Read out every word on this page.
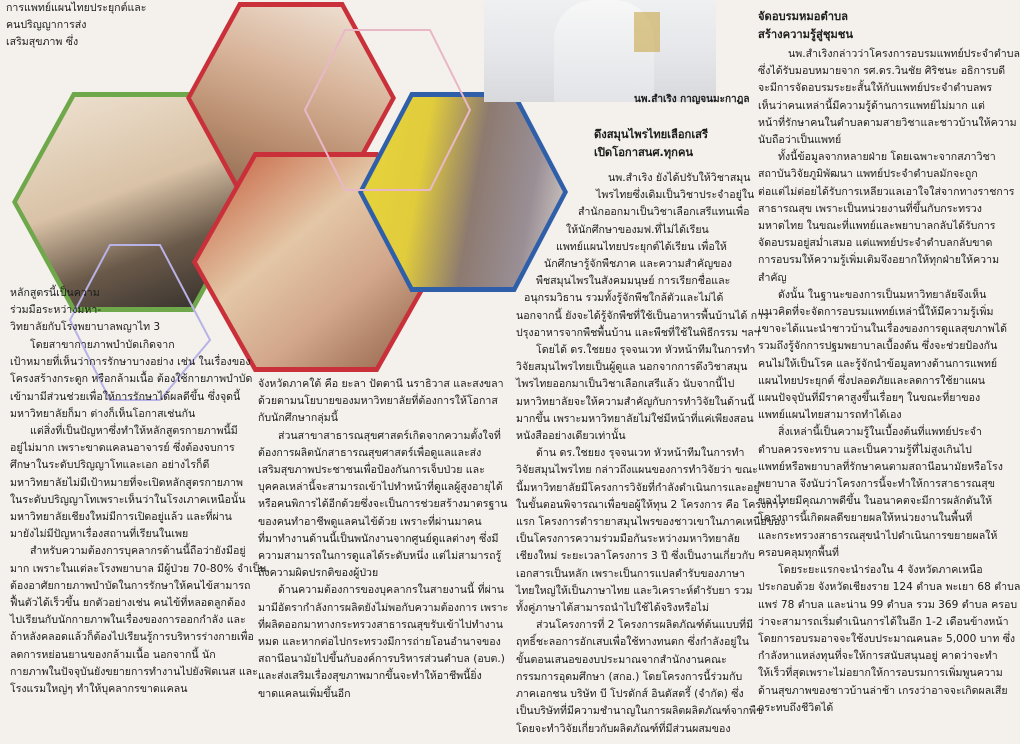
การแพทย์แผนไทยประยุกต์และ

คนปริญญาการส่ง

เสริมสุขภาพ ซึ่ง

นพ.สำเริง กาญจนมะกาฎล

หลักสูตรนี้เป็นความ

ร่วมมือระหว่างมหา-

วิทยาลัยกับโรงพยาบาลพญาไท 3

โดยสาขากายภาพบำบัดเกิดจาก

เป้าหมายที่เห็นว่าการรักษาบางอย่าง เช่น ในเรื่องของ

โครงสร้างกระดูก หรือกล้ามเนื้อ ต้องใช้กายภาพบำบัด

เข้ามามีส่วนช่วยเพื่อให้การรักษาได้ผลดีขึ้น ซึ่งจุดนี้

มหาวิทยาลัยก็มา ต่างก็เห็นโอกาสเช่นกัน

แต่สิ่งที่เป็นปัญหาซึ่งทำให้หลักสูตรกายภาพนี้มี

อยู่ไม่มาก เพราะขาดแคลนอาจารย์ ซึ่งต้องจบการ

ศึกษาในระดับปริญญาโทและเอก อย่างไรก็ดี

มหาวิทยาลัยไม่มีเป้าหมายที่จะเปิดหลักสูตรกายภาพ

ในระดับปริญญาโทเพราะเห็นว่าในโรงเภาคเหนือนั้น

มหาวิทยาลัยเชียงใหม่มีการเปิดอยู่แล้ว และที่ผ่าน

มายังไม่มีปัญหาเรื่องสถานที่เรียนในเพย

สำหรับความต้องการบุคลากรด้านนี้ถือว่ายังมีอยู่

มาก เพราะในแต่ละโรงพยาบาล มีผู้ป่วย 70-80% จำเป็น

ต้องอาศัยกายภาพบำบัดในการรักษาให้คนไข้สามารถ

ฟื้นตัวได้เร็วขึ้น ยกตัวอย่างเช่น คนไข้ที่หลอดลูกต้อง

ไปเรียนกับนักกายภาพในเรื่องของการออกกำลัง และ

ถ้าหลังคลอดแล้วก็ต้องไปเรียนรู้การบริหารร่างกายเพื่อ

ลดการหย่อนยานของกล้ามเนื้อ นอกจากนี้ นัก

กายภาพในปัจจุบันยังขยายการทำงานไปยังฟิตเนส และ

โรงแรมใหญ่ๆ ทำให้บุคลากรขาดแคลน

จังหวัดภาคใต้ คือ ยะลา ปัตตานี นราธิวาส และสงขลา

ด้วยตามนโยบายของมหาวิทยาลัยที่ต้องการให้โอกาส

กับนักศึกษากลุ่มนี้

ส่วนสาขาสาธารณสุขศาสตร์เกิดจากความตั้งใจที่

ต้องการผลิตนักสาธารณสุขศาสตร์เพื่อดูแลและส่ง

เสริมสุขภาพประชาชนเพื่อป้องกันการเจ็บป่วย และ

บุคคลเหล่านี้จะสามารถเข้าไปทำหน้าที่ดูแลผู้สูงอายุได้

หรือคนพิการได้อีกด้วยซึ่งจะเป็นการช่วยสร้างมาตรฐาน

ของคนทำอาชีพดูแลคนไข้ด้วย เพราะที่ผ่านมาคน

ที่มาทำงานด้านนี้เป็นพนักงานจากศูนย์ดูแลต่างๆ ซึ่งมี

ความสามารถในการดูแลได้ระดับหนึ่ง แต่ไม่สามารถรู้

ถึงความผิดปรกติของผู้ป่วย

ด้านความต้องการของบุคลากรในสายงานนี้ ที่ผ่าน

มามีอัตรากำลังการผลิตยังไม่พอกับความต้องการ เพราะ

ที่ผลิตออกมาทางกระทรวงสาธารณสุขรับเข้าไปทำงาน

หมด และหากต่อไปกระทรวงมีการถ่ายโอนอำนาจของ

สถานีอนามัยไปขึ้นกับองค์การบริหารส่วนตำบล (อบต.)

และส่งเสริมเรื่องสุขภาพมากขึ้นจะทำให้อาชีพนี้ยิ่ง

ขาดแคลนเพิ่มขึ้นอีก

ดึงสมุนไพรไทยเลือกเสรี

เปิดโอกาสนศ.ทุกคน

นพ.สำเริง ยังได้ปรับให้วิชาสมุน

ไพรไทยซึ่งเดิมเป็นวิชาประจำอยู่ใน

สำนักออกมาเป็นวิชาเลือกเสรีแทนเพื่อ

ให้นักศึกษาของมฟ.ที่ไม่ได้เรียน

แพทย์แผนไทยประยุกต์ได้เรียน เพื่อให้

นักศึกษารู้จักพืชภาค และความสำคัญของ

พืชสมุนไพรในสังคมมนุษย์ การเรียกชื่อและ

อนุกรมวิธาน รวมทั้งรู้จักพืชใกล้ตัวและไม่ได้

นอกจากนี้ ยังจะได้รู้จักพืชที่ใช้เป็นอาหารพื้นบ้านได้ การ

ปรุงอาหารจากพืชพื้นบ้าน และพืชที่ใช้ในพิธีกรรม ฯลฯ

โดยได้ ดร.ใชยยง รุจจนเวท หัวหน้าทีมในการทำ

วิจัยสมุนไพรไทยเป็นผู้ดูแล นอกจากการดึงวิชาสมุน

ไพรไทยออกมาเป็นวิชาเลือกเสรีแล้ว นับจากนี้ไป

มหาวิทยาลัยจะให้ความสำคัญกับการทำวิจัยในด้านนี้

มากขึ้น เพราะมหาวิทยาลัยไม่ใช่มีหน้าที่แค่เพียงสอน

หนังสืออย่างเดียวเท่านั้น

ด้าน ดร.ใชยยง รุจจนเวท หัวหน้าทีมในการทำ

วิจัยสมุนไพรไทย กล่าวถึงแผนของการทำวิจัยว่า ขณะ

นี้มหาวิทยาลัยมีโครงการวิจัยที่กำลังดำเนินการและอยู่

ในขั้นตอนพิจารณาเพื่อขอผู้ให้ทุน 2 โครงการ คือ โครงการ

แรก โครงการตำรายาสมุนไพรของชาวเขาในภาคเหนือของ

เป็นโครงการความร่วมมือกันระหว่างมหาวิทยาลัย

เชียงใหม่ ระยะเวลาโครงการ 3 ปี ซึ่งเป็นงานเกี่ยวกับ

เอกสารเป็นหลัก เพราะเป็นการแปลตำรับของภาษา

ไทยใหญ่ให้เป็นภาษาไทย และวิเคราะห์ตำรับยา รวม

ทั้งคู่ภาษาไต้สามารถนำไปใช้ได้จริงหรือไม่

ส่วนโครงการที่ 2 โครงการผลิตภัณฑ์ต้นแบบที่มี

ฤทธิ์ชะลอการอักเสบเพื่อใช้ทางทนตก ซึ่งกำลังอยู่ใน

ขั้นตอนเสนอของบประมาณจากสำนักงานคณะ

กรรมการอุดมศึกษา (สกอ.) โดยโครงการนี้ร่วมกับ

ภาคเอกชน บริษัท บี โปรดักส์ อินดัสตรี้ (จำกัด) ซึ่ง

เป็นบริษัทที่มีความชำนาญในการผลิตผลิตภัณฑ์จากพืช

โดยจะทำวิจัยเกี่ยวกับผลิตภัณฑ์ที่มีส่วนผสมของ

จัดอบรมหมอตำบล

สร้างความรู้สู่ชุมชน

นพ.สำเริงกล่าวว่าโครงการอบรมแพทย์ประจำตำบล

ซึ่งได้รับมอบหมายจาก รศ.ดร.วินชัย ศิริชนะ อธิการบดี

จะมีการจัดอบรมระยะสั้นให้กับแพทย์ประจำตำบลพร

เห็นว่าคนเหล่านี้มีความรู้ด้านการแพทย์ไม่มาก แต่

หน้าที่รักษาคนในตำบลตามสายวิชาและชาวบ้านให้ความ

นับถือว่าเป็นแพทย์

ทั้งนี้ข้อมูลจากหลายฝ่าย โดยเฉพาะจากสภาวิชา

สถาบันวิจัยภูมิพัฒนา แพทย์ประจำตำบลมักจะถูก

ต่อแต่ไม่ต่อยได้รับการเหลียวแลเอาใจใส่จากทางราชการ

สาธารณสุข เพราะเป็นหน่วยงานที่ขึ้นกับกระทรวง

มหาดไทย ในขณะที่แพทย์และพยาบาลกลับได้รับการ

จัดอบรมอยู่สม่ำเสมอ แต่แพทย์ประจำตำบลกลับขาด

การอบรมให้ความรู้เพิ่มเติมจึงอยากให้ทุกฝ่ายให้ความ

สำคัญ

ดังนั้น ในฐานะของการเป็นมหาวิทยาลัยจึงเห็น

แนวคิดที่จะจัดการอบรมแพทย์เหล่านี้ให้มีความรู้เพิ่ม

เขาจะได้แนะนำชาวบ้านในเรื่องของการดูแลสุขภาพได้

รวมถึงรู้จักการปฐมพยาบาลเบื้องต้น ซึ่งจะช่วยป้องกัน

คนไม่ให้เป็นโรค และรู้จักนำข้อมูลทางด้านการแพทย์

แผนไทยประยุกต์ ซึ่งปลอดภัยและลดการใช้ยาแผน

แผนปัจจุบันที่มีราคาสูงขึ้นเรื่อยๆ ในขณะที่ยาของ

แพทย์แผนไทยสามารถทำได้เอง

สิ่งเหล่านี้เป็นความรู้ในเบื้องต้นที่แพทย์ประจำ

ตำบลควรจะทราบ และเป็นความรู้ที่ไม่สูงเกินไป

แพทย์หรือพยาบาลที่รักษาคนตามสถานีอนามัยหรือโรง

พยาบาล จึงนับว่าโครงการนี้จะทำให้การสาธารณสุข

ของไทยมีคุณภาพดีขึ้น ในอนาคตจะมีการผลักดันให้

โครงการนี้เกิดผลดีขยายผลให้หน่วยงานในพื้นที่

และกระทรวงสาธารณสุขนำไปดำเนินการขยายผลให้

ครอบคลุมทุกพื้นที่

โดยระยะแรกจะนำร่องใน 4 จังหวัดภาคเหนือ

ประกอบด้วย จังหวัดเชียงราย 124 ตำบล พะเยา 68 ตำบล

แพร่ 78 ตำบล และน่าน 99 ตำบล รวม 369 ตำบล ครอบ

ว่าจะสามารถเริ่มดำเนินการได้ในอีก 1-2 เดือนข้างหน้า

โดยการอบรมอาจจะใช้งบประมาณคนละ 5,000 บาท ซึ่ง

กำลังหาแหล่งทุนที่จะให้การสนับสนุนอยู่ คาดว่าจะทำ

ให้เร็วที่สุดเพราะไม่อยากให้การอบรมการเพิ่มพูนความ

ด้านสุขภาพของชาวบ้านล่าช้า เกรงว่าอาจจะเกิดผลเสีย

กระทบถึงชีวิตได้
